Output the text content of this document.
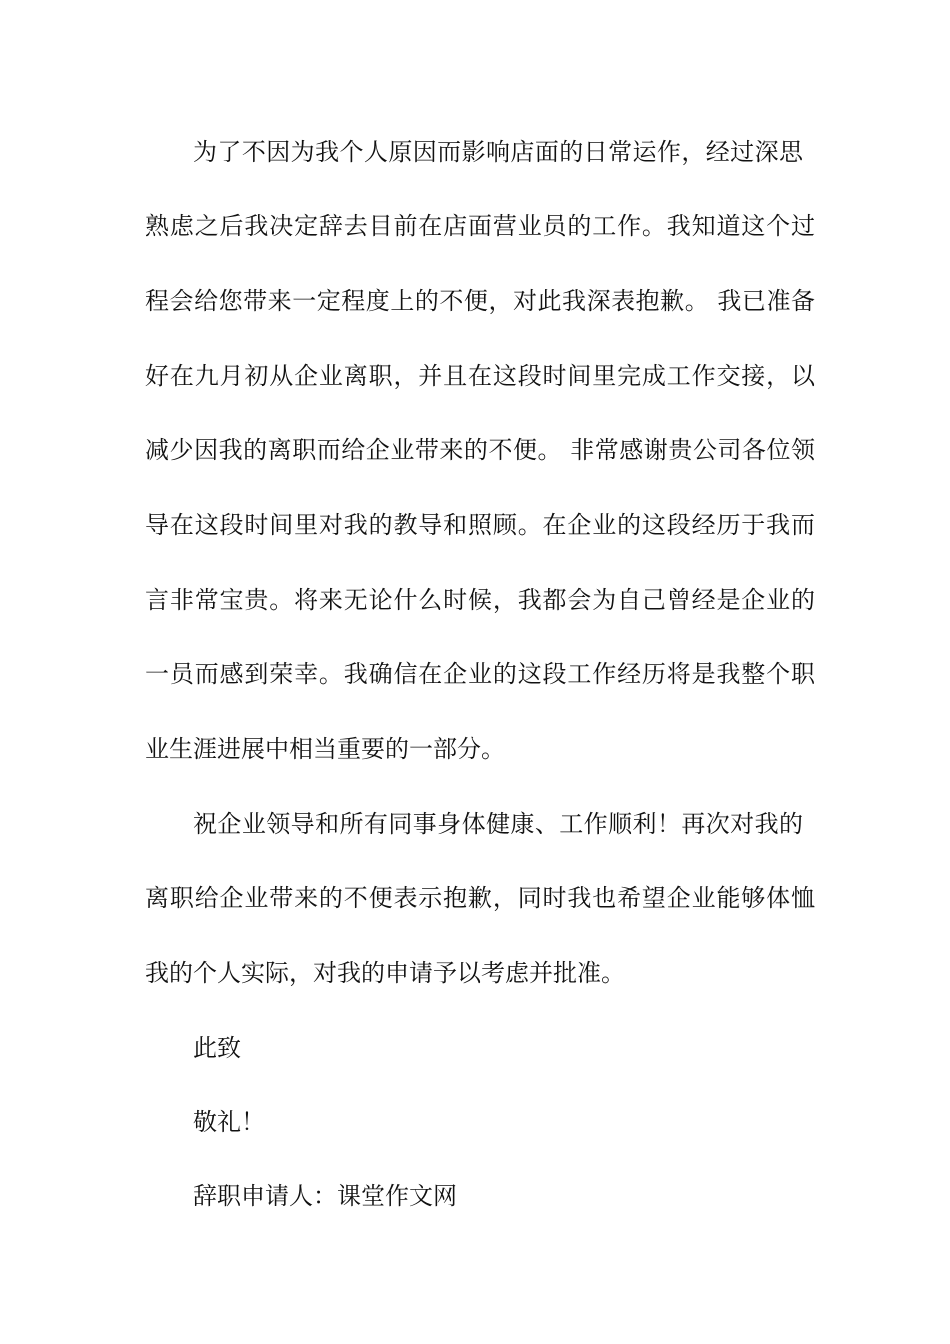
为了不因为我个人原因而影响店面的日常运作，经过深思
熟虑之后我决定辞去目前在店面营业员的工作。我知道这个过
程会给您带来一定程度上的不便，对此我深表抱歉。 我已准备
好在九月初从企业离职，并且在这段时间里完成工作交接，以
减少因我的离职而给企业带来的不便。 非常感谢贵公司各位领
导在这段时间里对我的教导和照顾。在企业的这段经历于我而
言非常宝贵。将来无论什么时候，我都会为自己曾经是企业的
一员而感到荣幸。我确信在企业的这段工作经历将是我整个职
业生涯进展中相当重要的一部分。
祝企业领导和所有同事身体健康、工作顺利！再次对我的
离职给企业带来的不便表示抱歉，同时我也希望企业能够体恤
我的个人实际，对我的申请予以考虑并批准。
此致
敬礼！
辞职申请人：课堂作文网
